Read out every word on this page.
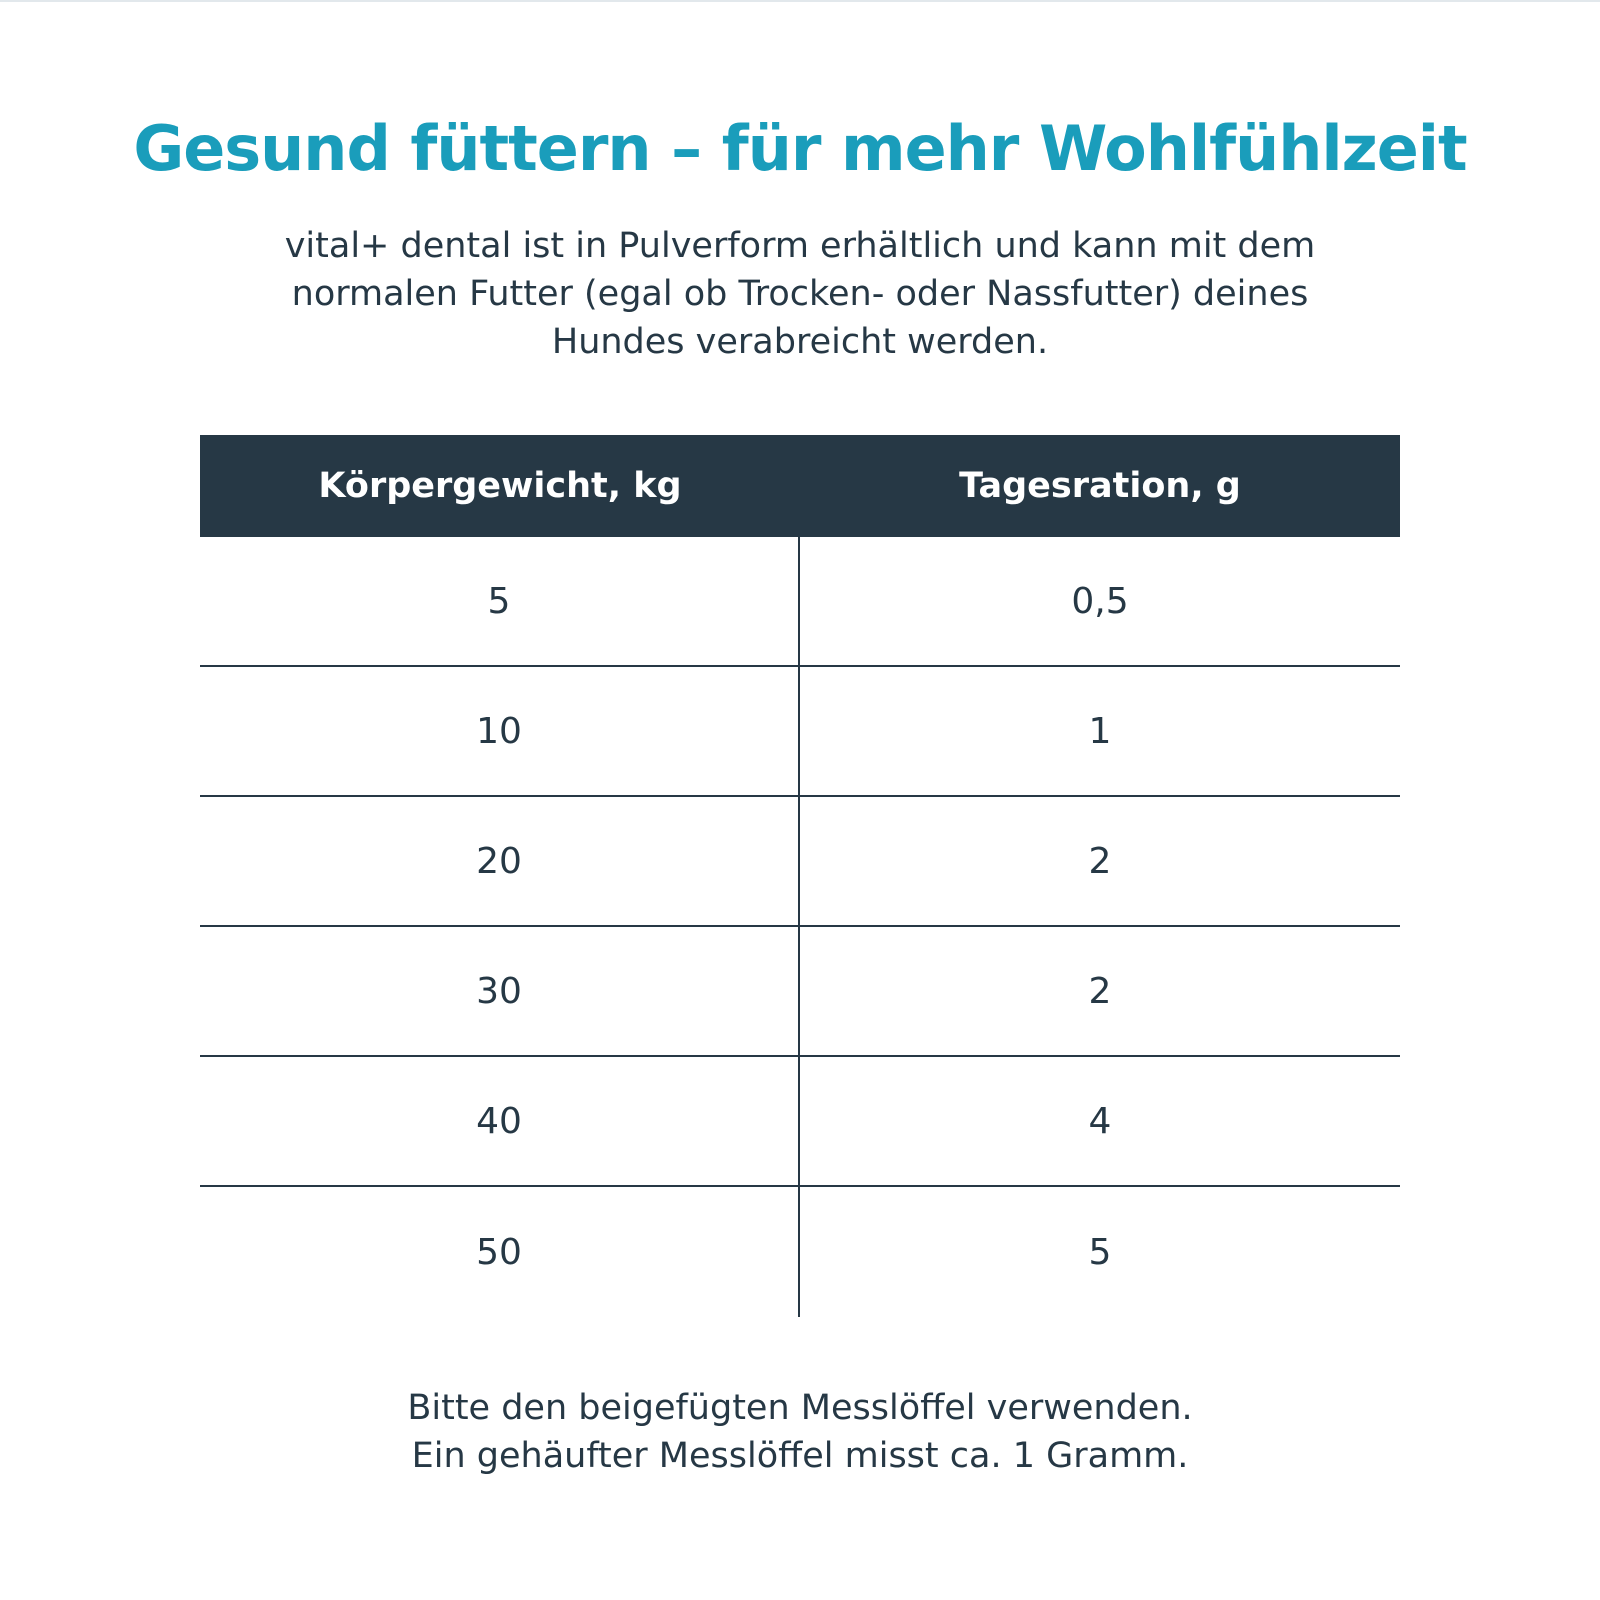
Gesund füttern – für mehr Wohlfühlzeit
vital+ dental ist in Pulverform erhältlich und kann mit dem
normalen Futter (egal ob Trocken- oder Nassfutter) deines
Hundes verabreicht werden.
Körpergewicht, kg	Tagesration, g
5	0,5
10	1
20	2
30	2
40	4
50	5
Bitte den beigefügten Messlöffel verwenden.
Ein gehäufter Messlöffel misst ca. 1 Gramm.
